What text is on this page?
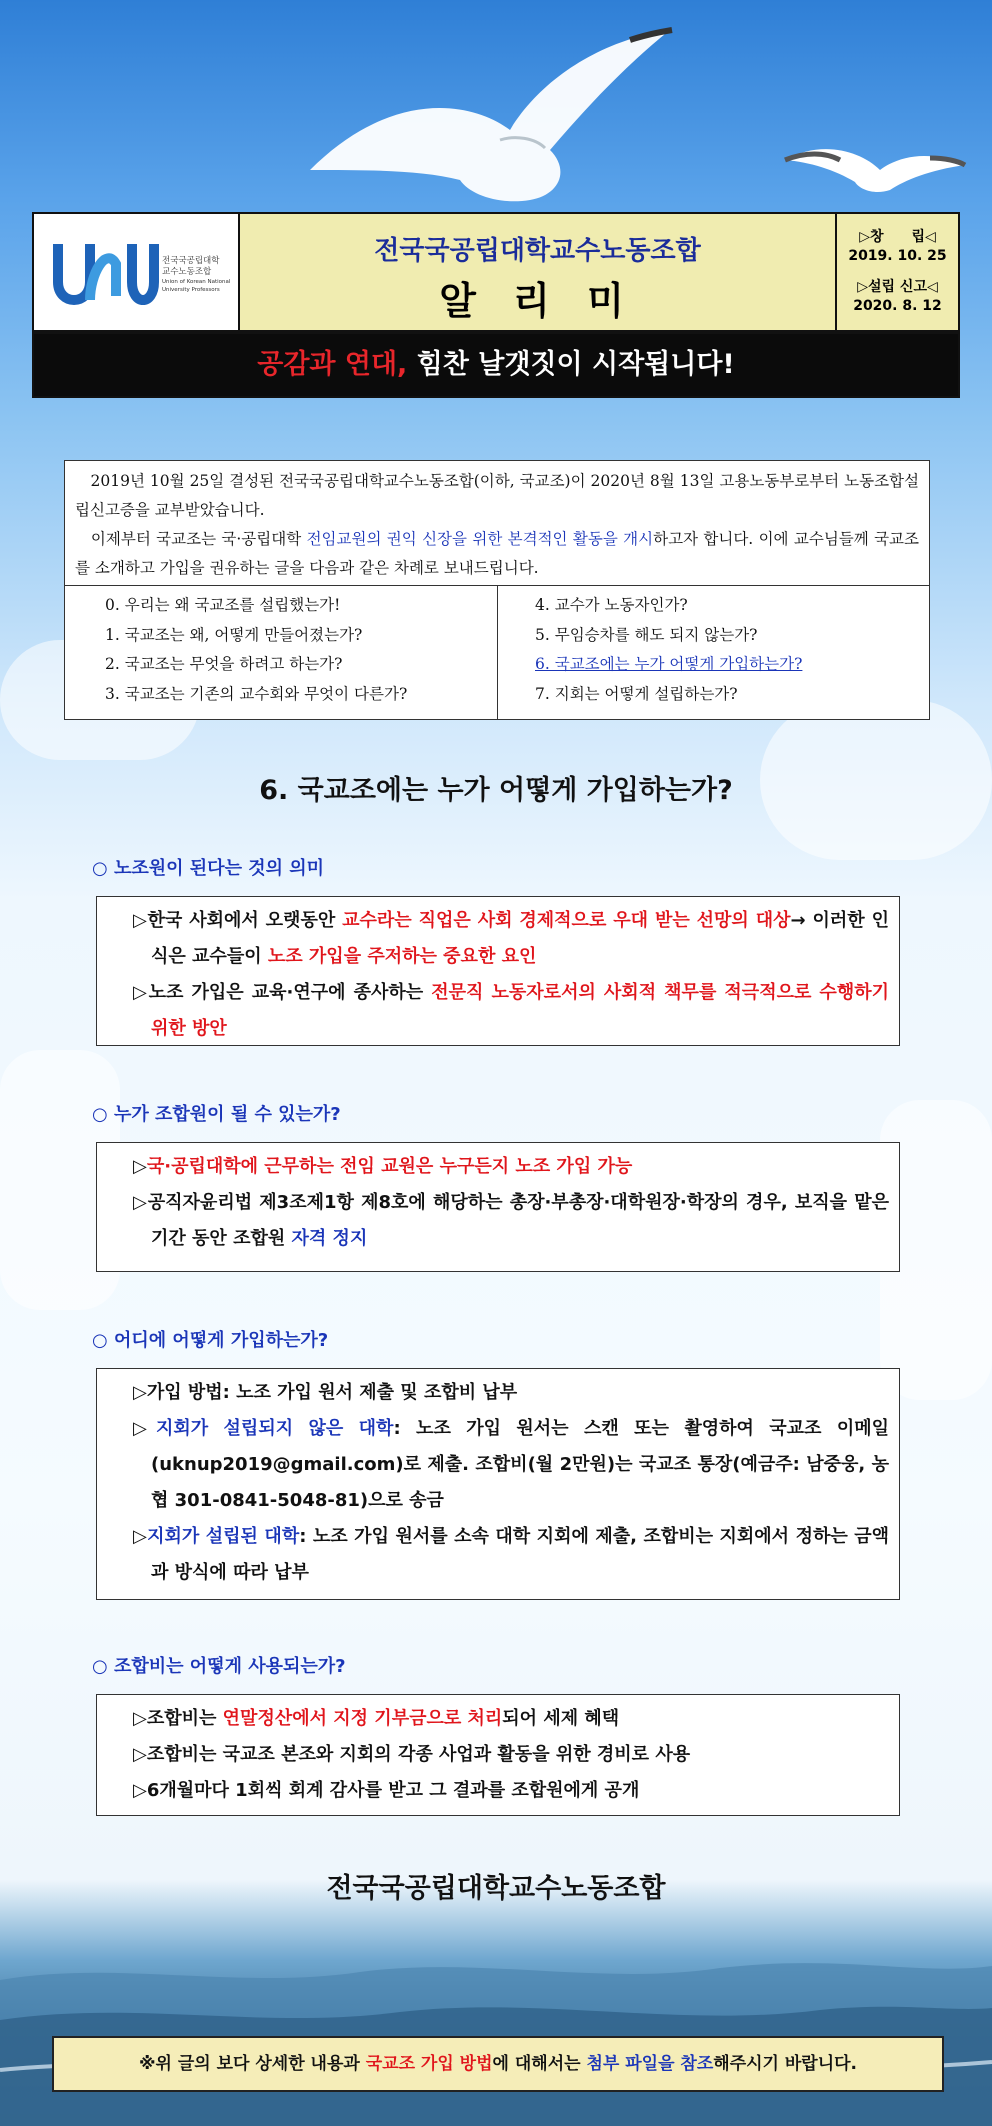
전국국공립대학
교수노동조합
Union of Korean National
University Professors
전국국공립대학교수노동조합
알 리 미
▷창　　립◁
2019. 10. 25
▷설립 신고◁
2020. 8. 12
공감과 연대, 힘찬 날갯짓이 시작됩니다!
　2019년 10월 25일 결성된 전국국공립대학교수노동조합(이하, 국교조)이 2020년 8월 13일 고용노동부로부터 노동조합설립신고증을 교부받았습니다.
　이제부터 국교조는 국·공립대학 전임교원의 권익 신장을 위한 본격적인 활동을 개시하고자 합니다. 이에 교수님들께 국교조를 소개하고 가입을 권유하는 글을 다음과 같은 차례로 보내드립니다.
0. 우리는 왜 국교조를 설립했는가!
1. 국교조는 왜, 어떻게 만들어졌는가?
2. 국교조는 무엇을 하려고 하는가?
3. 국교조는 기존의 교수회와 무엇이 다른가?
4. 교수가 노동자인가?
5. 무임승차를 해도 되지 않는가?
6. 국교조에는 누가 어떻게 가입하는가?
7. 지회는 어떻게 설립하는가?
6. 국교조에는 누가 어떻게 가입하는가?
○ 노조원이 된다는 것의 의미
▷한국 사회에서 오랫동안 교수라는 직업은 사회 경제적으로 우대 받는 선망의 대상→ 이러한 인식은 교수들이 노조 가입을 주저하는 중요한 요인
▷노조 가입은 교육·연구에 종사하는 전문직 노동자로서의 사회적 책무를 적극적으로 수행하기 위한 방안
○ 누가 조합원이 될 수 있는가?
▷국·공립대학에 근무하는 전임 교원은 누구든지 노조 가입 가능
▷공직자윤리법 제3조제1항 제8호에 해당하는 총장·부총장·대학원장·학장의 경우, 보직을 맡은 기간 동안 조합원 자격 정지
○ 어디에 어떻게 가입하는가?
▷가입 방법: 노조 가입 원서 제출 및 조합비 납부
▷지회가 설립되지 않은 대학: 노조 가입 원서는 스캔 또는 촬영하여 국교조 이메일(uknup2019@gmail.com)로 제출. 조합비(월 2만원)는 국교조 통장(예금주: 남중웅, 농협 301-0841-5048-81)으로 송금
▷지회가 설립된 대학: 노조 가입 원서를 소속 대학 지회에 제출, 조합비는 지회에서 정하는 금액과 방식에 따라 납부
○ 조합비는 어떻게 사용되는가?
▷조합비는 연말정산에서 지정 기부금으로 처리되어 세제 혜택
▷조합비는 국교조 본조와 지회의 각종 사업과 활동을 위한 경비로 사용
▷6개월마다 1회씩 회계 감사를 받고 그 결과를 조합원에게 공개
전국국공립대학교수노동조합
※위 글의 보다 상세한 내용과 국교조 가입 방법에 대해서는 첨부 파일을 참조해주시기 바랍니다.
